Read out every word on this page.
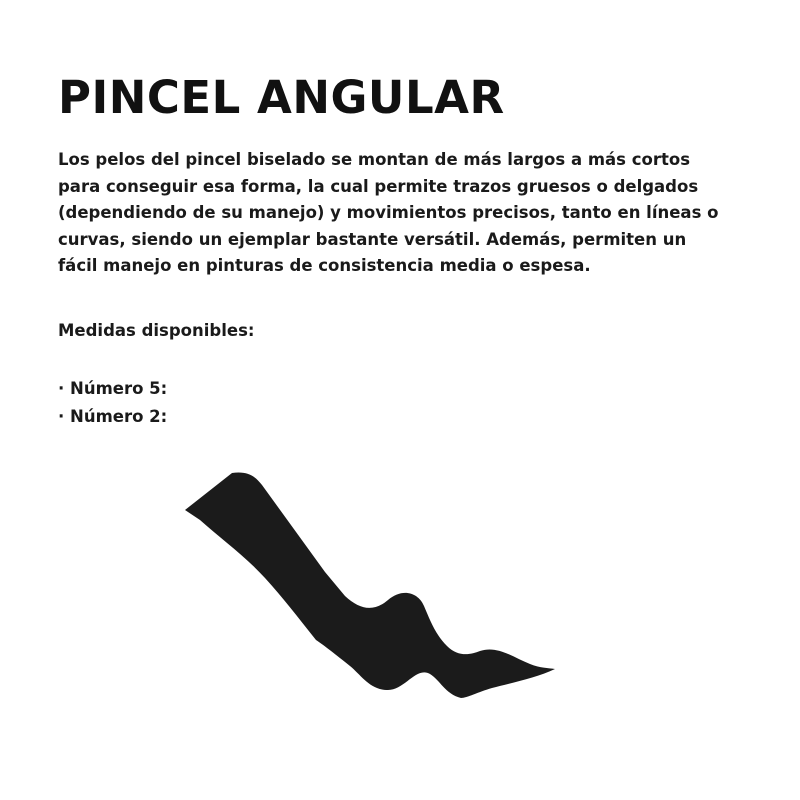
PINCEL ANGULAR

Los pelos del pincel biselado se montan de más largos a más cortos
para conseguir esa forma, la cual permite trazos gruesos o delgados
(dependiendo de su manejo) y movimientos precisos, tanto en líneas o
curvas, siendo un ejemplar bastante versátil. Además, permiten un
fácil manejo en pinturas de consistencia media o espesa.

Medidas disponibles:

· Número 5:
· Número 2:
